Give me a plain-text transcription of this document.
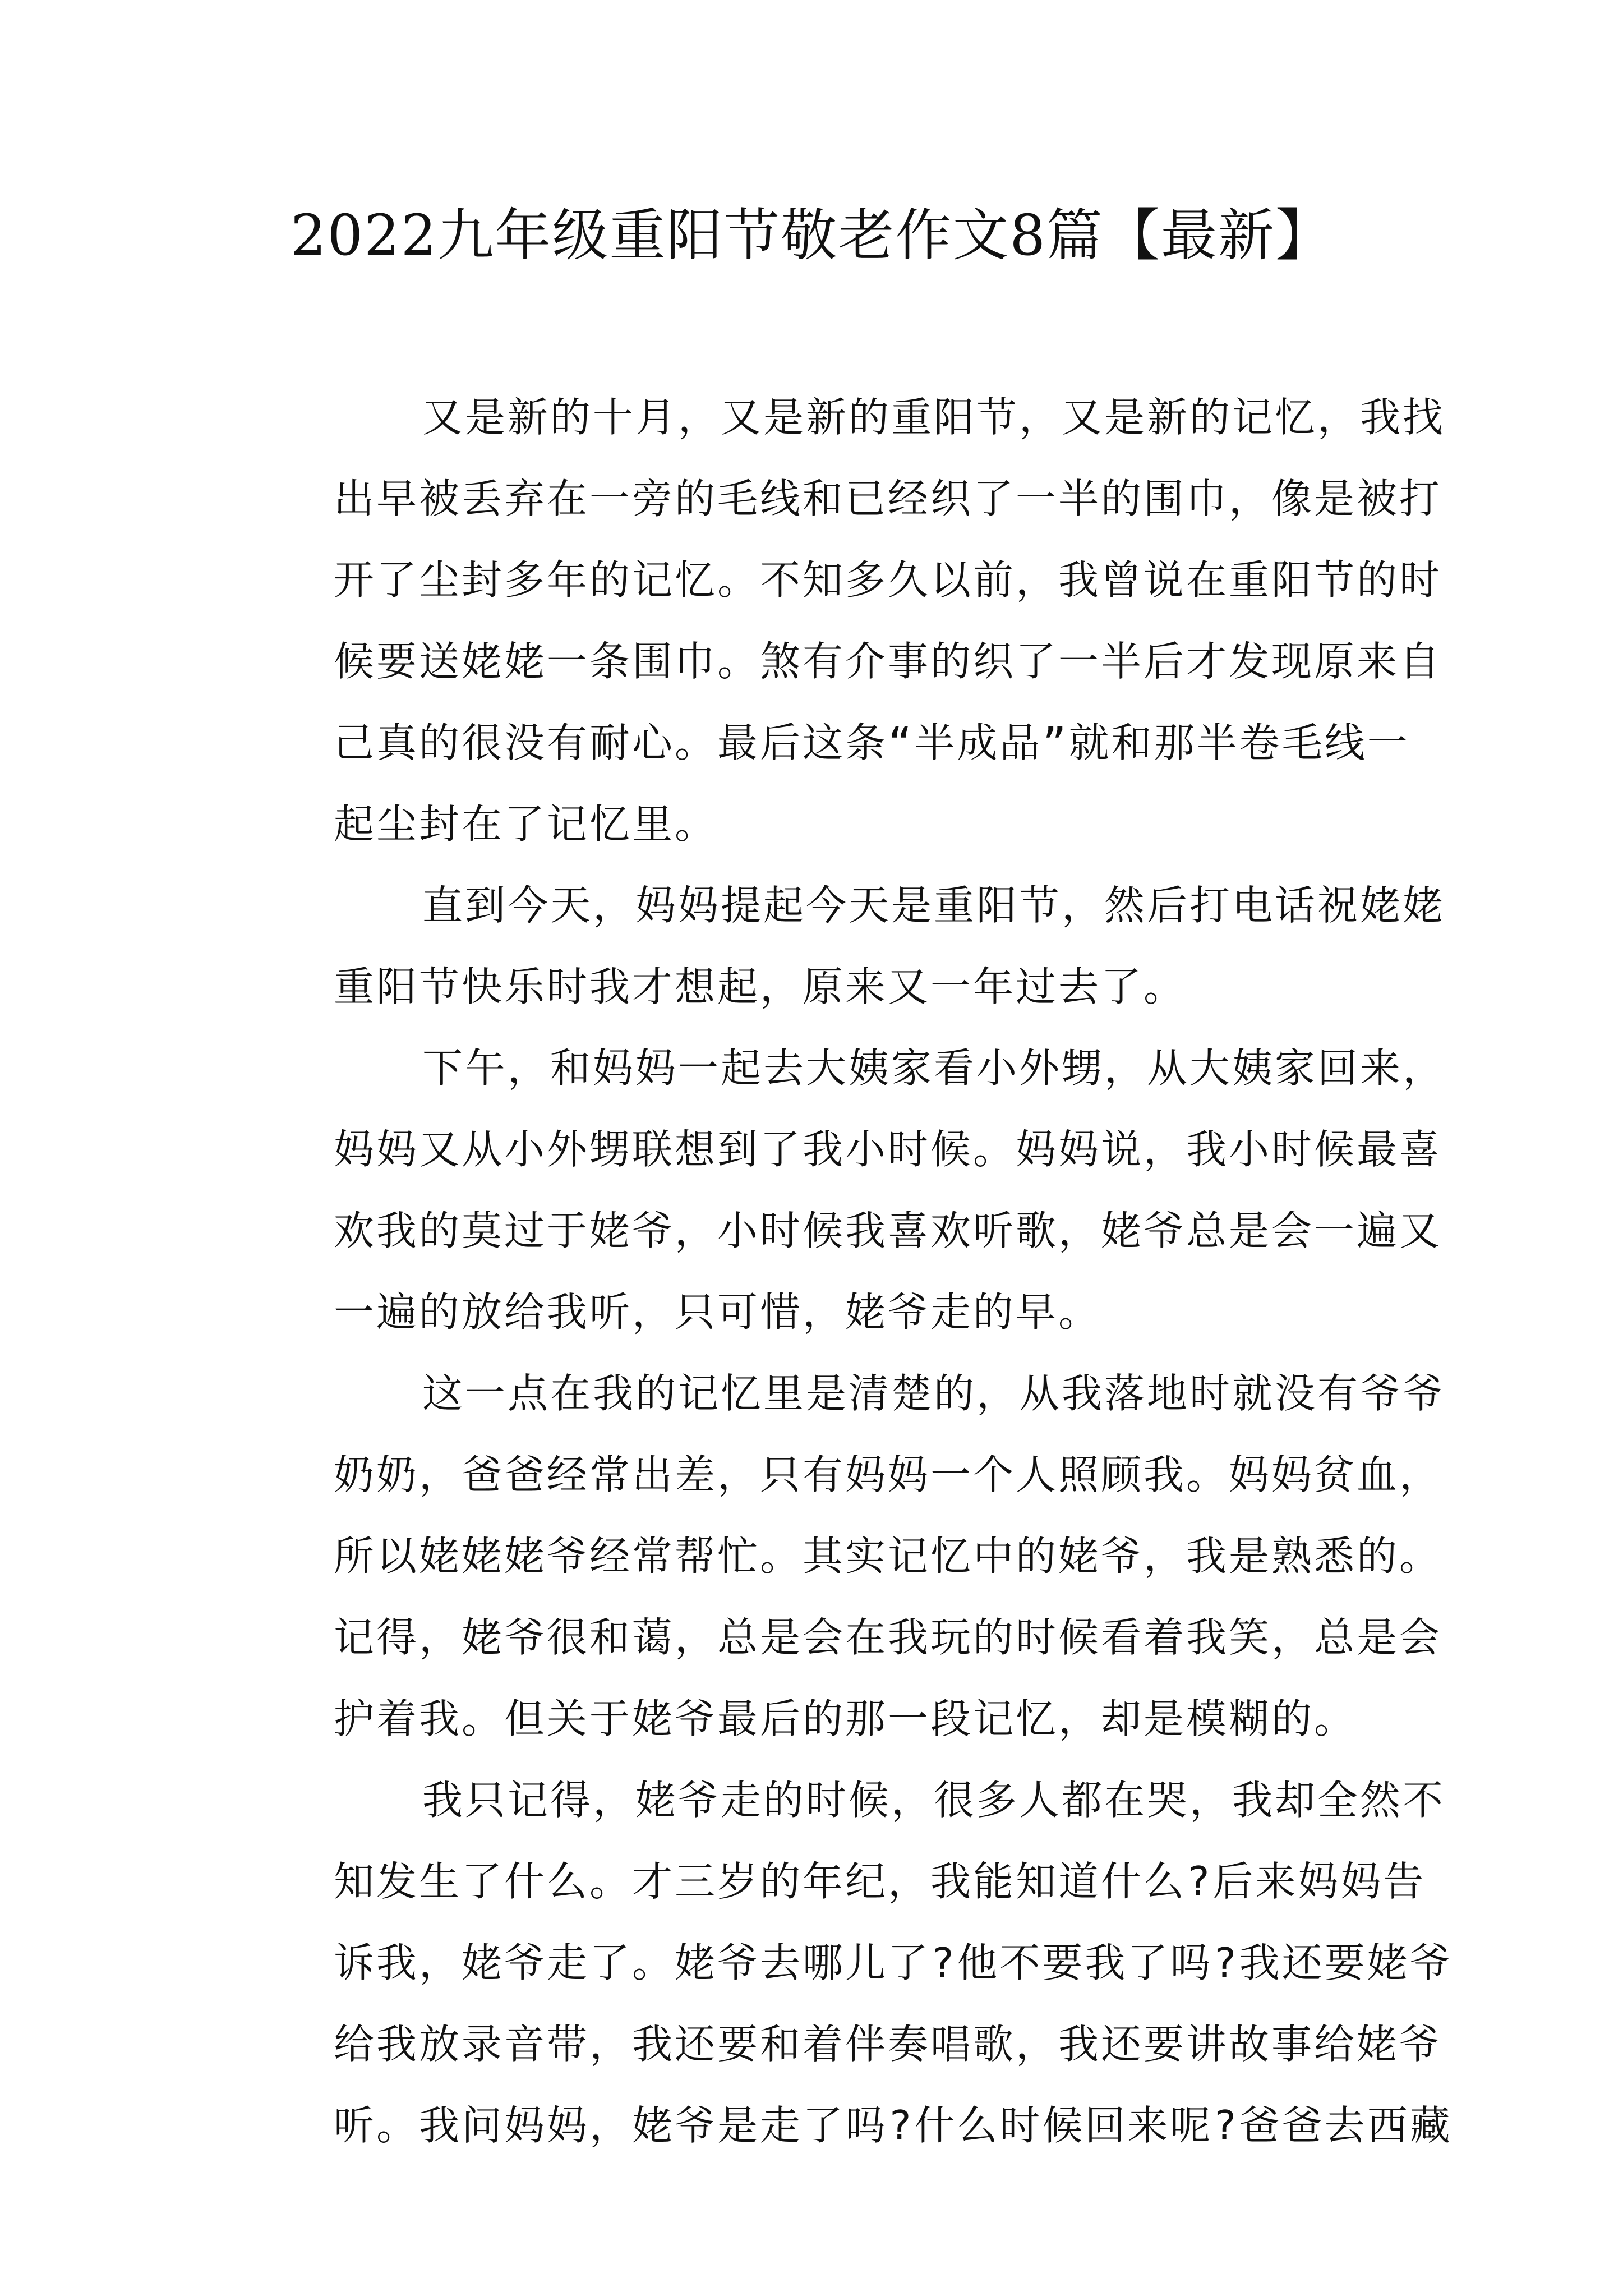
2022九年级重阳节敬老作文8篇【最新】

又是新的十月，又是新的重阳节，又是新的记忆，我找
出早被丢弃在一旁的毛线和已经织了一半的围巾，像是被打
开了尘封多年的记忆。不知多久以前，我曾说在重阳节的时
候要送姥姥一条围巾。煞有介事的织了一半后才发现原来自
己真的很没有耐心。最后这条“半成品”就和那半卷毛线一
起尘封在了记忆里。

直到今天，妈妈提起今天是重阳节，然后打电话祝姥姥
重阳节快乐时我才想起，原来又一年过去了。

下午，和妈妈一起去大姨家看小外甥，从大姨家回来，
妈妈又从小外甥联想到了我小时候。妈妈说，我小时候最喜
欢我的莫过于姥爷，小时候我喜欢听歌，姥爷总是会一遍又
一遍的放给我听，只可惜，姥爷走的早。

这一点在我的记忆里是清楚的，从我落地时就没有爷爷
奶奶，爸爸经常出差，只有妈妈一个人照顾我。妈妈贫血，
所以姥姥姥爷经常帮忙。其实记忆中的姥爷，我是熟悉的。
记得，姥爷很和蔼，总是会在我玩的时候看着我笑，总是会
护着我。但关于姥爷最后的那一段记忆，却是模糊的。

我只记得，姥爷走的时候，很多人都在哭，我却全然不
知发生了什么。才三岁的年纪，我能知道什么?后来妈妈告
诉我，姥爷走了。姥爷去哪儿了?他不要我了吗?我还要姥爷
给我放录音带，我还要和着伴奏唱歌，我还要讲故事给姥爷
听。我问妈妈，姥爷是走了吗?什么时候回来呢?爸爸去西藏
